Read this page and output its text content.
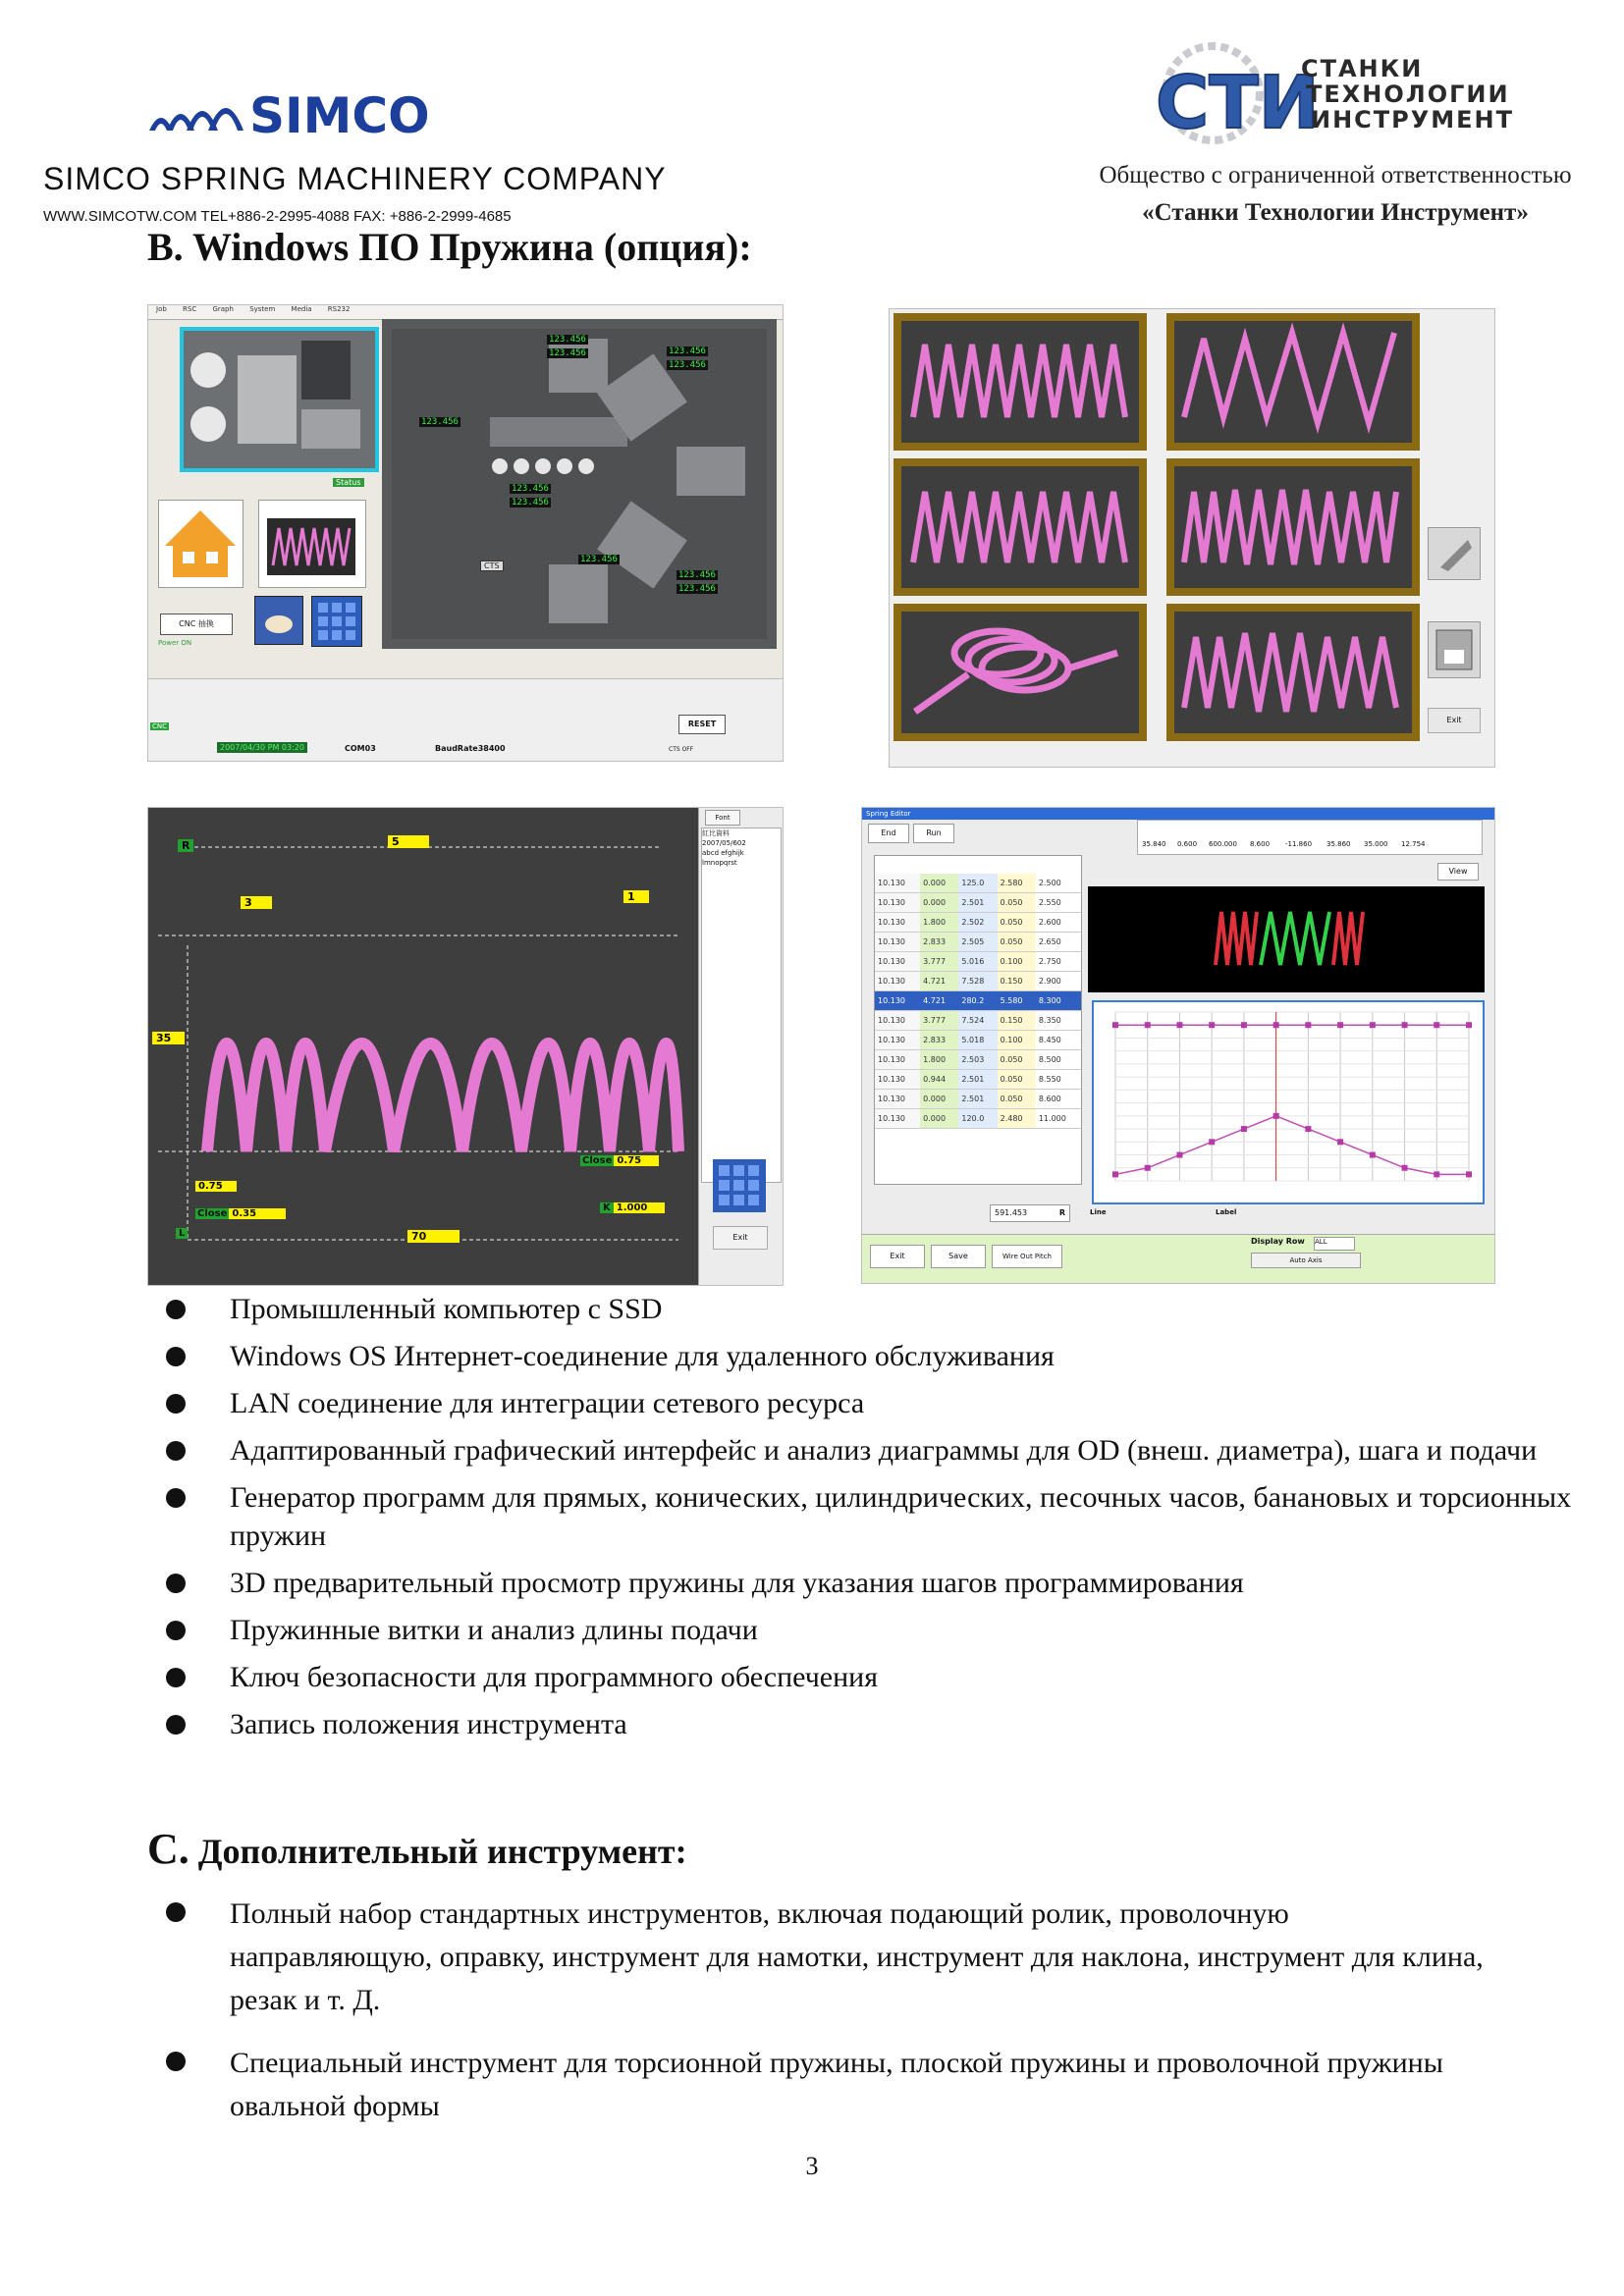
SIMCO
SIMCO SPRING MACHINERY COMPANY
WWW.SIMCOTW.COM TEL+886-2-2995-4088 FAX: +886-2-2999-4685
СТИ
СТАНКИ
ТЕХНОЛОГИИ
ИНСТРУМЕНТ
Общество с ограниченной ответственностью
«Станки Технологии Инструмент»
B. Windows ПО Пружина (опция):
Job RSC Graph System Media RS232
Status
CNC 抽換
Power ON
123.456
123.456	123.456
123.456
123.456
123.456
123.456
123.456
123.456
123.456
CTS
CNC	RESET
2007/04/30 PM 03:20	COM03	BaudRate38400	CTS OFF
Exit
R	5
3	1
35
Close 0.75
0.75
Close 0.35
K 1.000
L	70
Font
紅比資料
2007/05/602
abcd efghijk
lmnopqrst
Exit
Spring Editor
End	Run
35.840 0.600 600.000 8.600 -11.860 35.860 35.000 12.754
10.130	0.000	125.0	2.580	2.500
10.130	0.000	2.501	0.050	2.550
10.130	1.800	2.502	0.050	2.600
10.130	2.833	2.505	0.050	2.650
10.130	3.777	5.016	0.100	2.750
10.130	4.721	7.528	0.150	2.900
10.130	4.721	280.2	5.580	8.300
10.130	3.777	7.524	0.150	8.350
10.130	2.833	5.018	0.100	8.450
10.130	1.800	2.503	0.050	8.500
10.130	0.944	2.501	0.050	8.550
10.130	0.000	2.501	0.050	8.600
10.130	0.000	120.0	2.480	11.000
591.453	R
View
Line	Label
Exit	Save	Wire Out Pitch
Display Row ALL
Auto Axis
Промышленный компьютер с SSD
Windows OS Интернет-соединение для удаленного обслуживания
LAN соединение для интеграции сетевого ресурса
Адаптированный графический интерфейс и анализ диаграммы для OD (внеш. диаметра), шага и подачи
Генератор программ для прямых, конических, цилиндрических, песочных часов, банановых и торсионных пружин
3D предварительный просмотр пружины для указания шагов программирования
Пружинные витки и анализ длины подачи
Ключ безопасности для программного обеспечения
Запись положения инструмента
C. Дополнительный инструмент:
Полный набор стандартных инструментов, включая подающий ролик, проволочную направляющую, оправку, инструмент для намотки, инструмент для наклона, инструмент для клина, резак и т. Д.
Специальный инструмент для торсионной пружины, плоской пружины и проволочной пружины овальной формы
3
